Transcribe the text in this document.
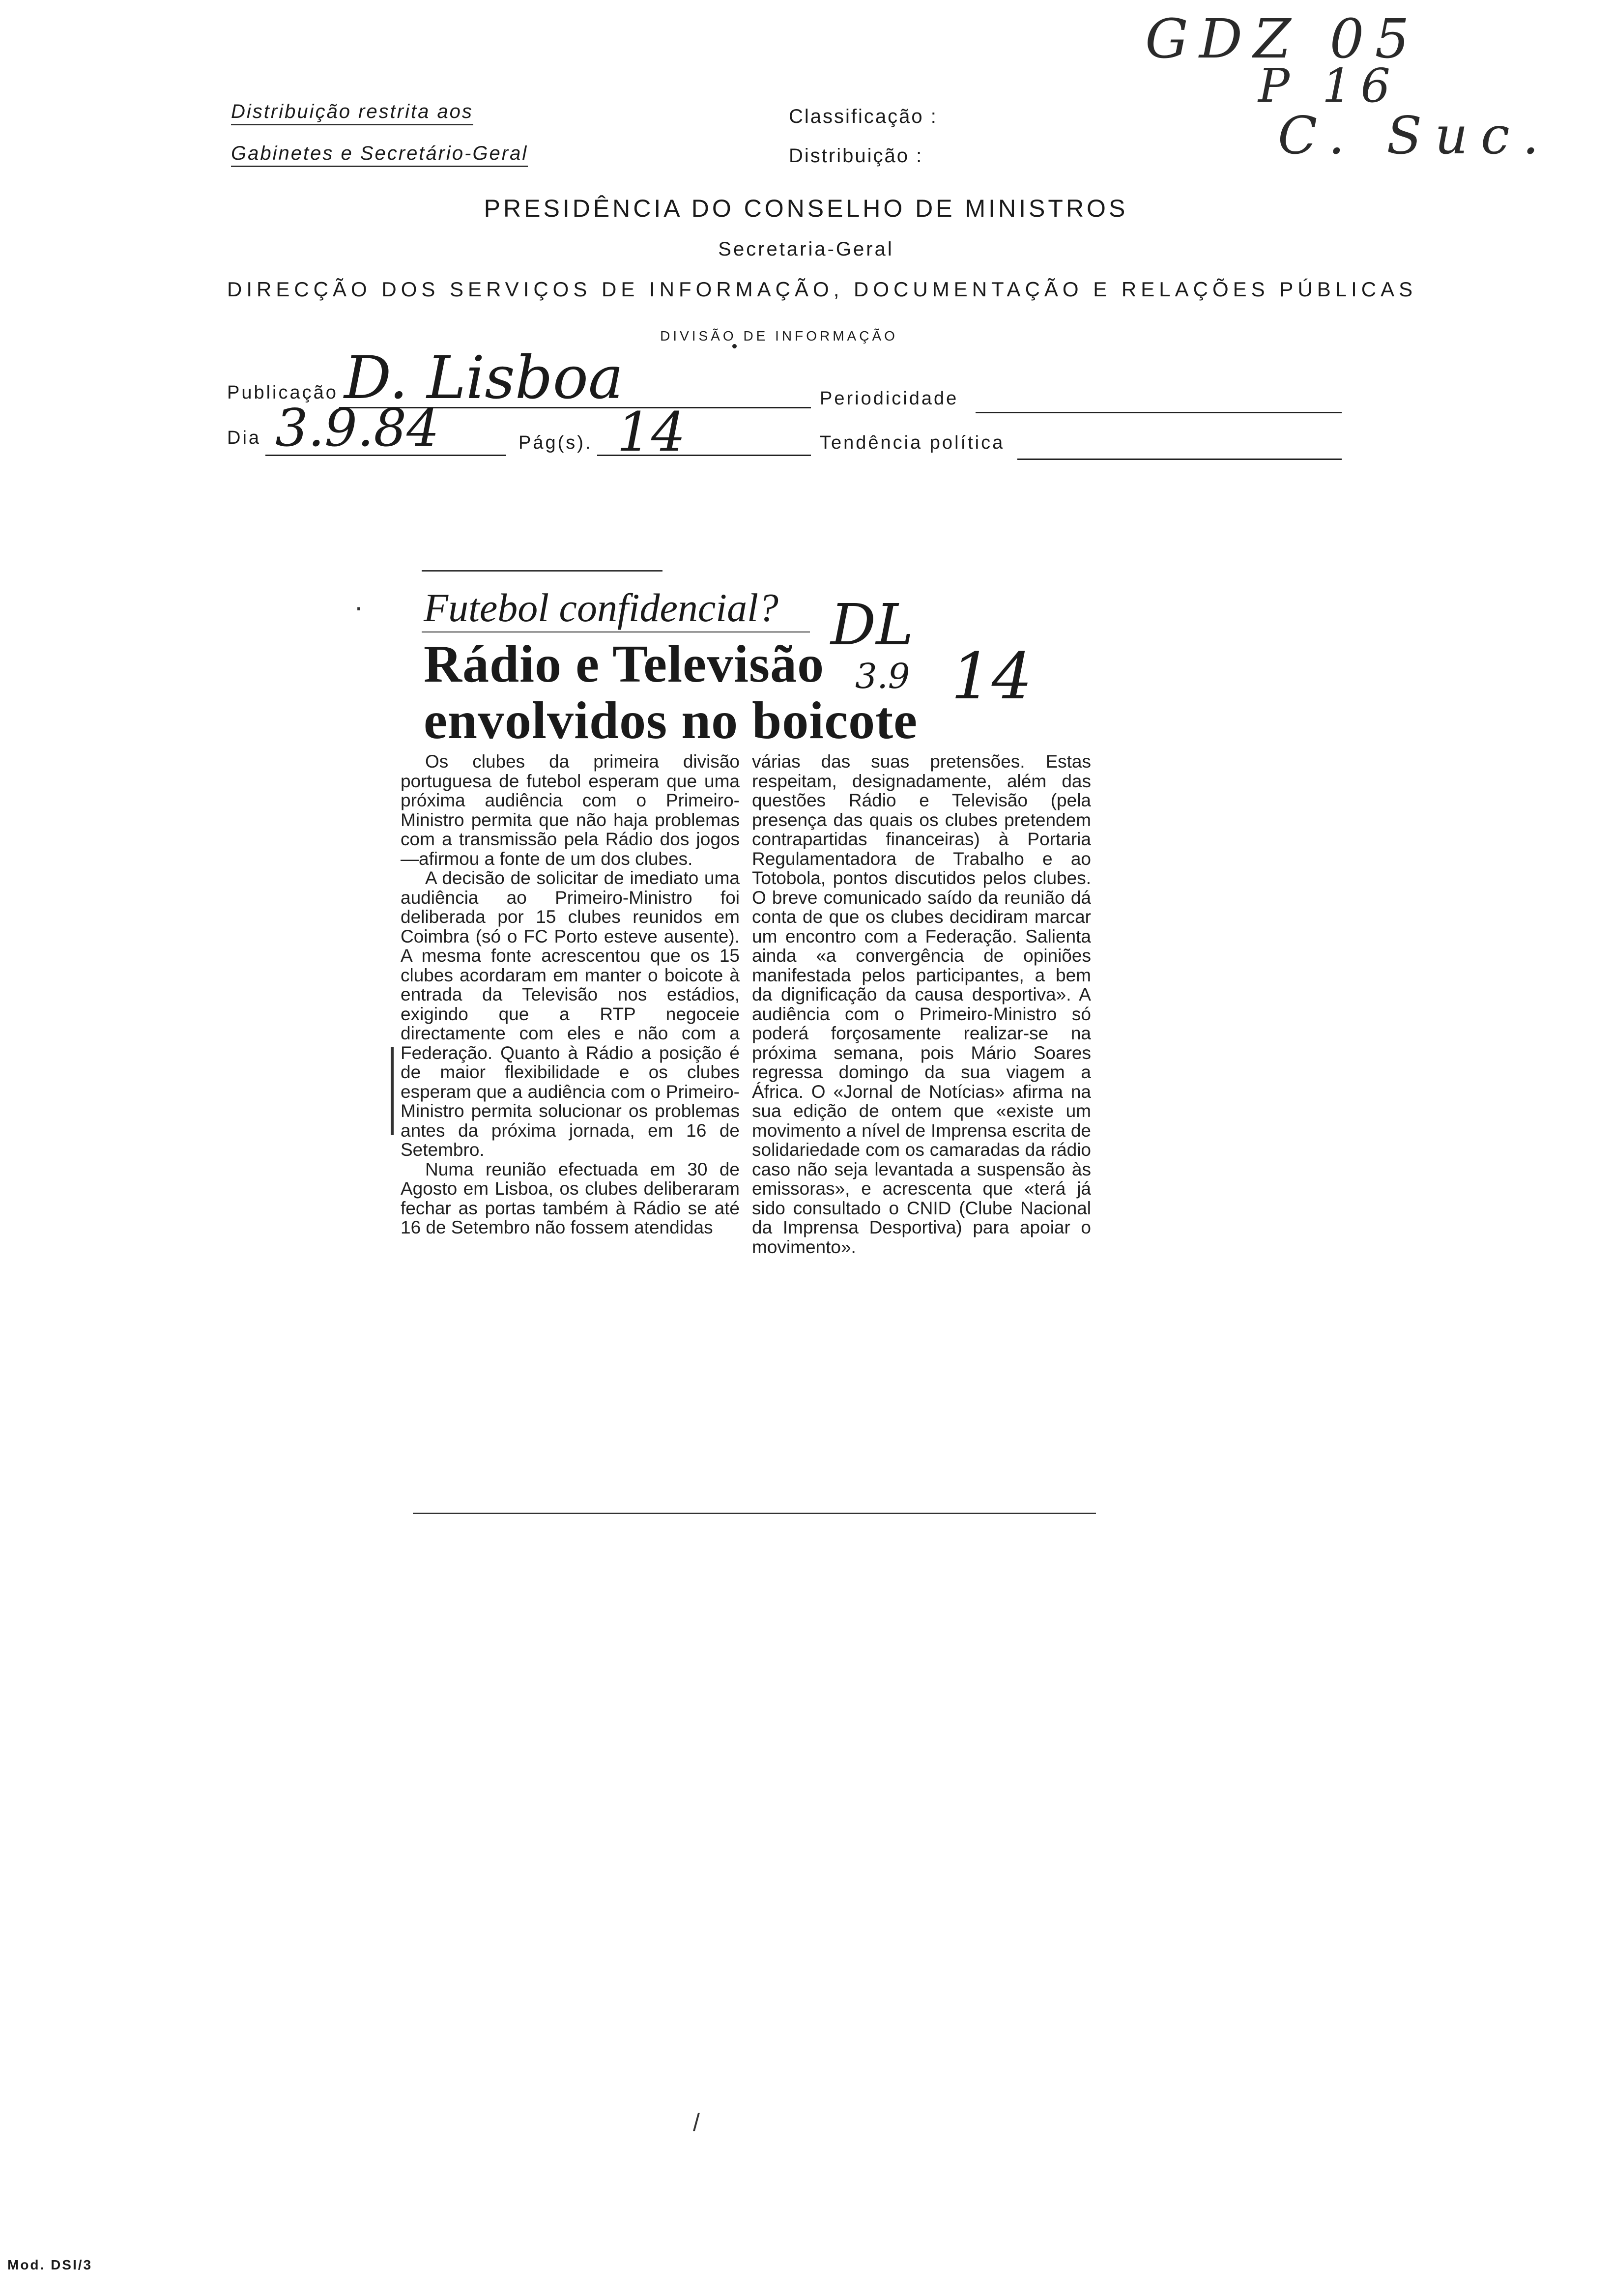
GDZ 05
P 16
C. Suc.
Distribuição restrita aos
Gabinetes e Secretário-Geral
Classificação :
Distribuição :
PRESIDÊNCIA DO CONSELHO DE MINISTROS
Secretaria-Geral
DIRECÇÃO DOS SERVIÇOS DE INFORMAÇÃO, DOCUMENTAÇÃO E RELAÇÕES PÚBLICAS
DIVISÃO DE INFORMAÇÃO
Publicação D. Lisboa	Periodicidade
Dia 3.9.84	Pág(s). 14	Tendência política
Futebol confidencial?
Rádio e Televisão
envolvidos no boicote
DL
3.9 14

Os clubes da primeira divisão portuguesa de futebol esperam que uma próxima audiência com o Primeiro-Ministro permita que não haja problemas com a transmissão pela Rádio dos jogos—afirmou a fonte de um dos clubes.

A decisão de solicitar de imediato uma audiência ao Primeiro-Ministro foi deliberada por 15 clubes reunidos em Coimbra (só o FC Porto esteve ausente). A mesma fonte acrescentou que os 15 clubes acordaram em manter o boicote à entrada da Televisão nos estádios, exigindo que a RTP negoceie directamente com eles e não com a Federação. Quanto à Rádio a posição é de maior flexibilidade e os clubes esperam que a audiência com o Primeiro-Ministro permita solucionar os problemas antes da próxima jornada, em 16 de Setembro.

Numa reunião efectuada em 30 de Agosto em Lisboa, os clubes deliberaram fechar as portas também à Rádio se até 16 de Setembro não fossem atendidas

várias das suas pretensões. Estas respeitam, designadamente, além das questões Rádio e Televisão (pela presença das quais os clubes pretendem contrapartidas financeiras) à Portaria Regulamentadora de Trabalho e ao Totobola, pontos discutidos pelos clubes. O breve comunicado saído da reunião dá conta de que os clubes decidiram marcar um encontro com a Federação. Salienta ainda «a convergência de opiniões manifestada pelos participantes, a bem da dignificação da causa desportiva». A audiência com o Primeiro-Ministro só poderá forçosamente realizar-se na próxima semana, pois Mário Soares regressa domingo da sua viagem a África. O «Jornal de Notícias» afirma na sua edição de ontem que «existe um movimento a nível de Imprensa escrita de solidariedade com os camaradas da rádio caso não seja levantada a suspensão às emissoras», e acrescenta que «terá já sido consultado o CNID (Clube Nacional da Imprensa Desportiva) para apoiar o movimento».

·
/
Mod. DSI/3
